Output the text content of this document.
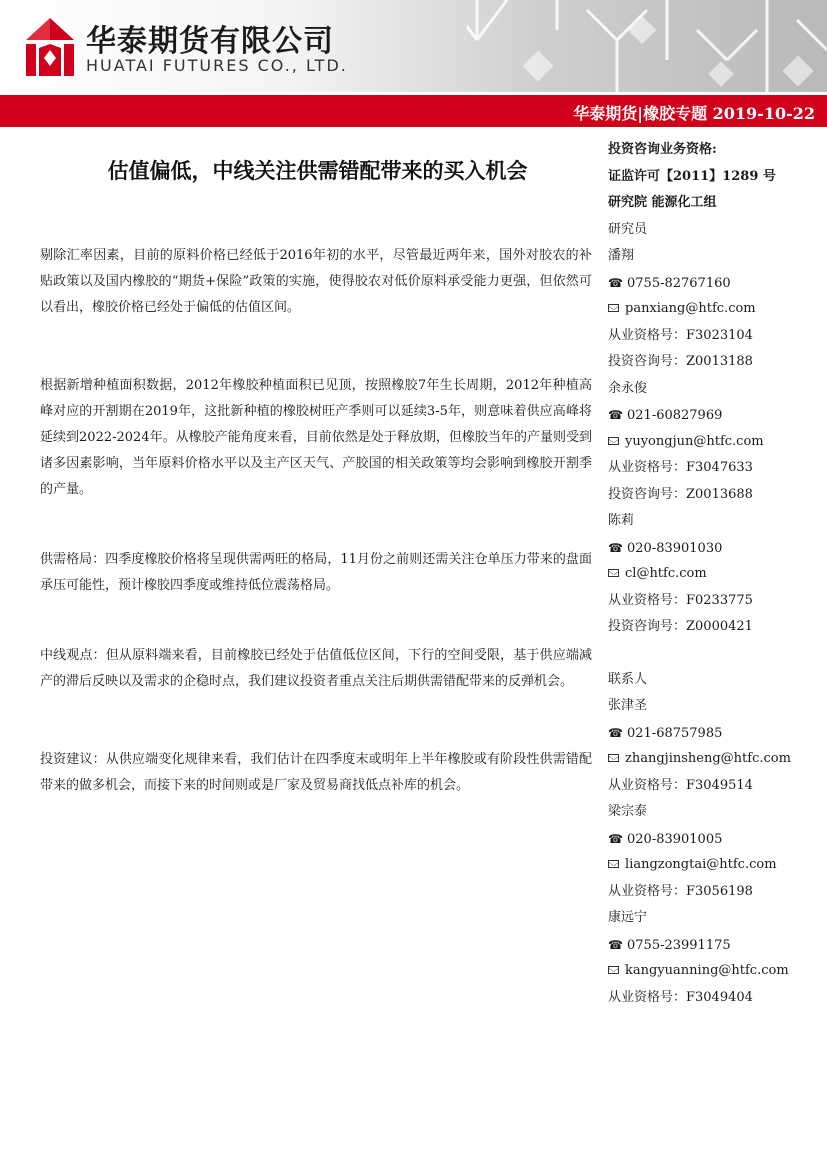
华泰期货有限公司
HUATAI FUTURES CO., LTD.
华泰期货|橡胶专题 2019-10-22
估值偏低，中线关注供需错配带来的买入机会

剔除汇率因素，目前的原料价格已经低于2016年初的水平，尽管最近两年来，国外对胶农的补贴政策以及国内橡胶的“期货+保险”政策的实施，使得胶农对低价原料承受能力更强，但依然可以看出，橡胶价格已经处于偏低的估值区间。

根据新增种植面积数据，2012年橡胶种植面积已见顶，按照橡胶7年生长周期，2012年种植高峰对应的开割期在2019年，这批新种植的橡胶树旺产季则可以延续3-5年，则意味着供应高峰将延续到2022-2024年。从橡胶产能角度来看，目前依然是处于释放期，但橡胶当年的产量则受到诸多因素影响，当年原料价格水平以及主产区天气、产胶国的相关政策等均会影响到橡胶开割季的产量。

供需格局：四季度橡胶价格将呈现供需两旺的格局，11月份之前则还需关注仓单压力带来的盘面承压可能性，预计橡胶四季度或维持低位震荡格局。

中线观点：但从原料端来看，目前橡胶已经处于估值低位区间，下行的空间受限，基于供应端减产的滞后反映以及需求的企稳时点，我们建议投资者重点关注后期供需错配带来的反弹机会。

投资建议：从供应端变化规律来看，我们估计在四季度末或明年上半年橡胶或有阶段性供需错配带来的做多机会，而接下来的时间则或是厂家及贸易商找低点补库的机会。

投资咨询业务资格:
证监许可【2011】1289 号
研究院 能源化工组
研究员
潘翔
☎ 0755-82767160
panxiang@htfc.com
从业资格号：F3023104
投资咨询号：Z0013188
余永俊
☎ 021-60827969
yuyongjun@htfc.com
从业资格号：F3047633
投资咨询号：Z0013688
陈莉
☎ 020-83901030
cl@htfc.com
从业资格号：F0233775
投资咨询号：Z0000421
联系人
张津圣
☎ 021-68757985
zhangjinsheng@htfc.com
从业资格号：F3049514
梁宗泰
☎ 020-83901005
liangzongtai@htfc.com
从业资格号：F3056198
康远宁
☎ 0755-23991175
kangyuanning@htfc.com
从业资格号：F3049404
